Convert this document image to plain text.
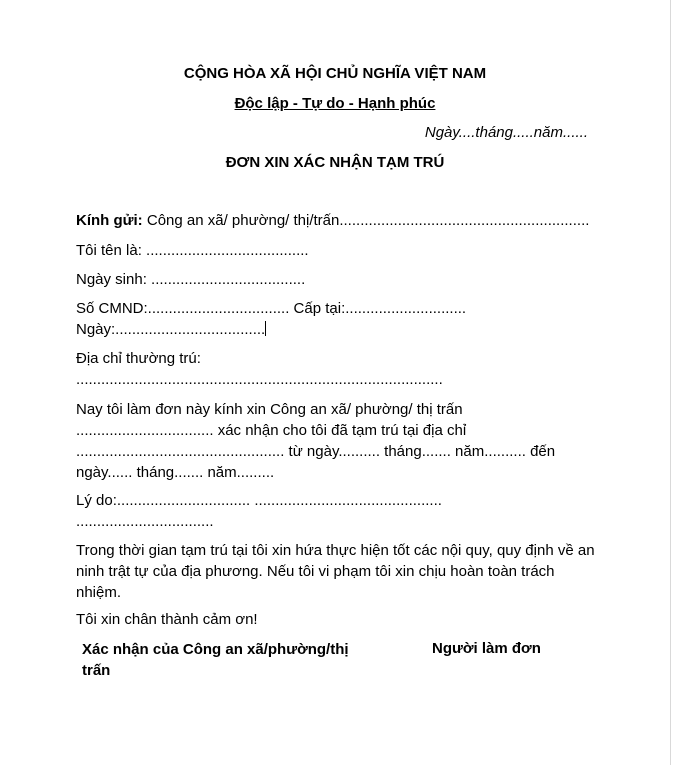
CỘNG HÒA XÃ HỘI CHỦ NGHĨA VIỆT NAM
Độc lập - Tự do - Hạnh phúc
Ngày....tháng.....năm......
ĐƠN XIN XÁC NHẬN TẠM TRÚ
Kính gửi: Công an xã/ phường/ thị/trấn............................................................
Tôi tên là: .......................................
Ngày sinh: .....................................
Số CMND:.................................. Cấp tại:.............................
Ngày:....................................
Địa chỉ thường trú:
........................................................................................
Nay tôi làm đơn này kính xin Công an xã/ phường/ thị trấn ................................. xác nhận cho tôi đã tạm trú tại địa chỉ .................................................. từ ngày.......... tháng....... năm.......... đến ngày...... tháng....... năm.........
Lý do:................................ .............................................
.................................
Trong thời gian tạm trú tại tôi xin hứa thực hiện tốt các nội quy, quy định về an ninh trật tự của địa phương. Nếu tôi vi phạm tôi xin chịu hoàn toàn trách nhiệm.
Tôi xin chân thành cảm ơn!
Xác nhận của Công an xã/phường/thị trấn
Người làm đơn
